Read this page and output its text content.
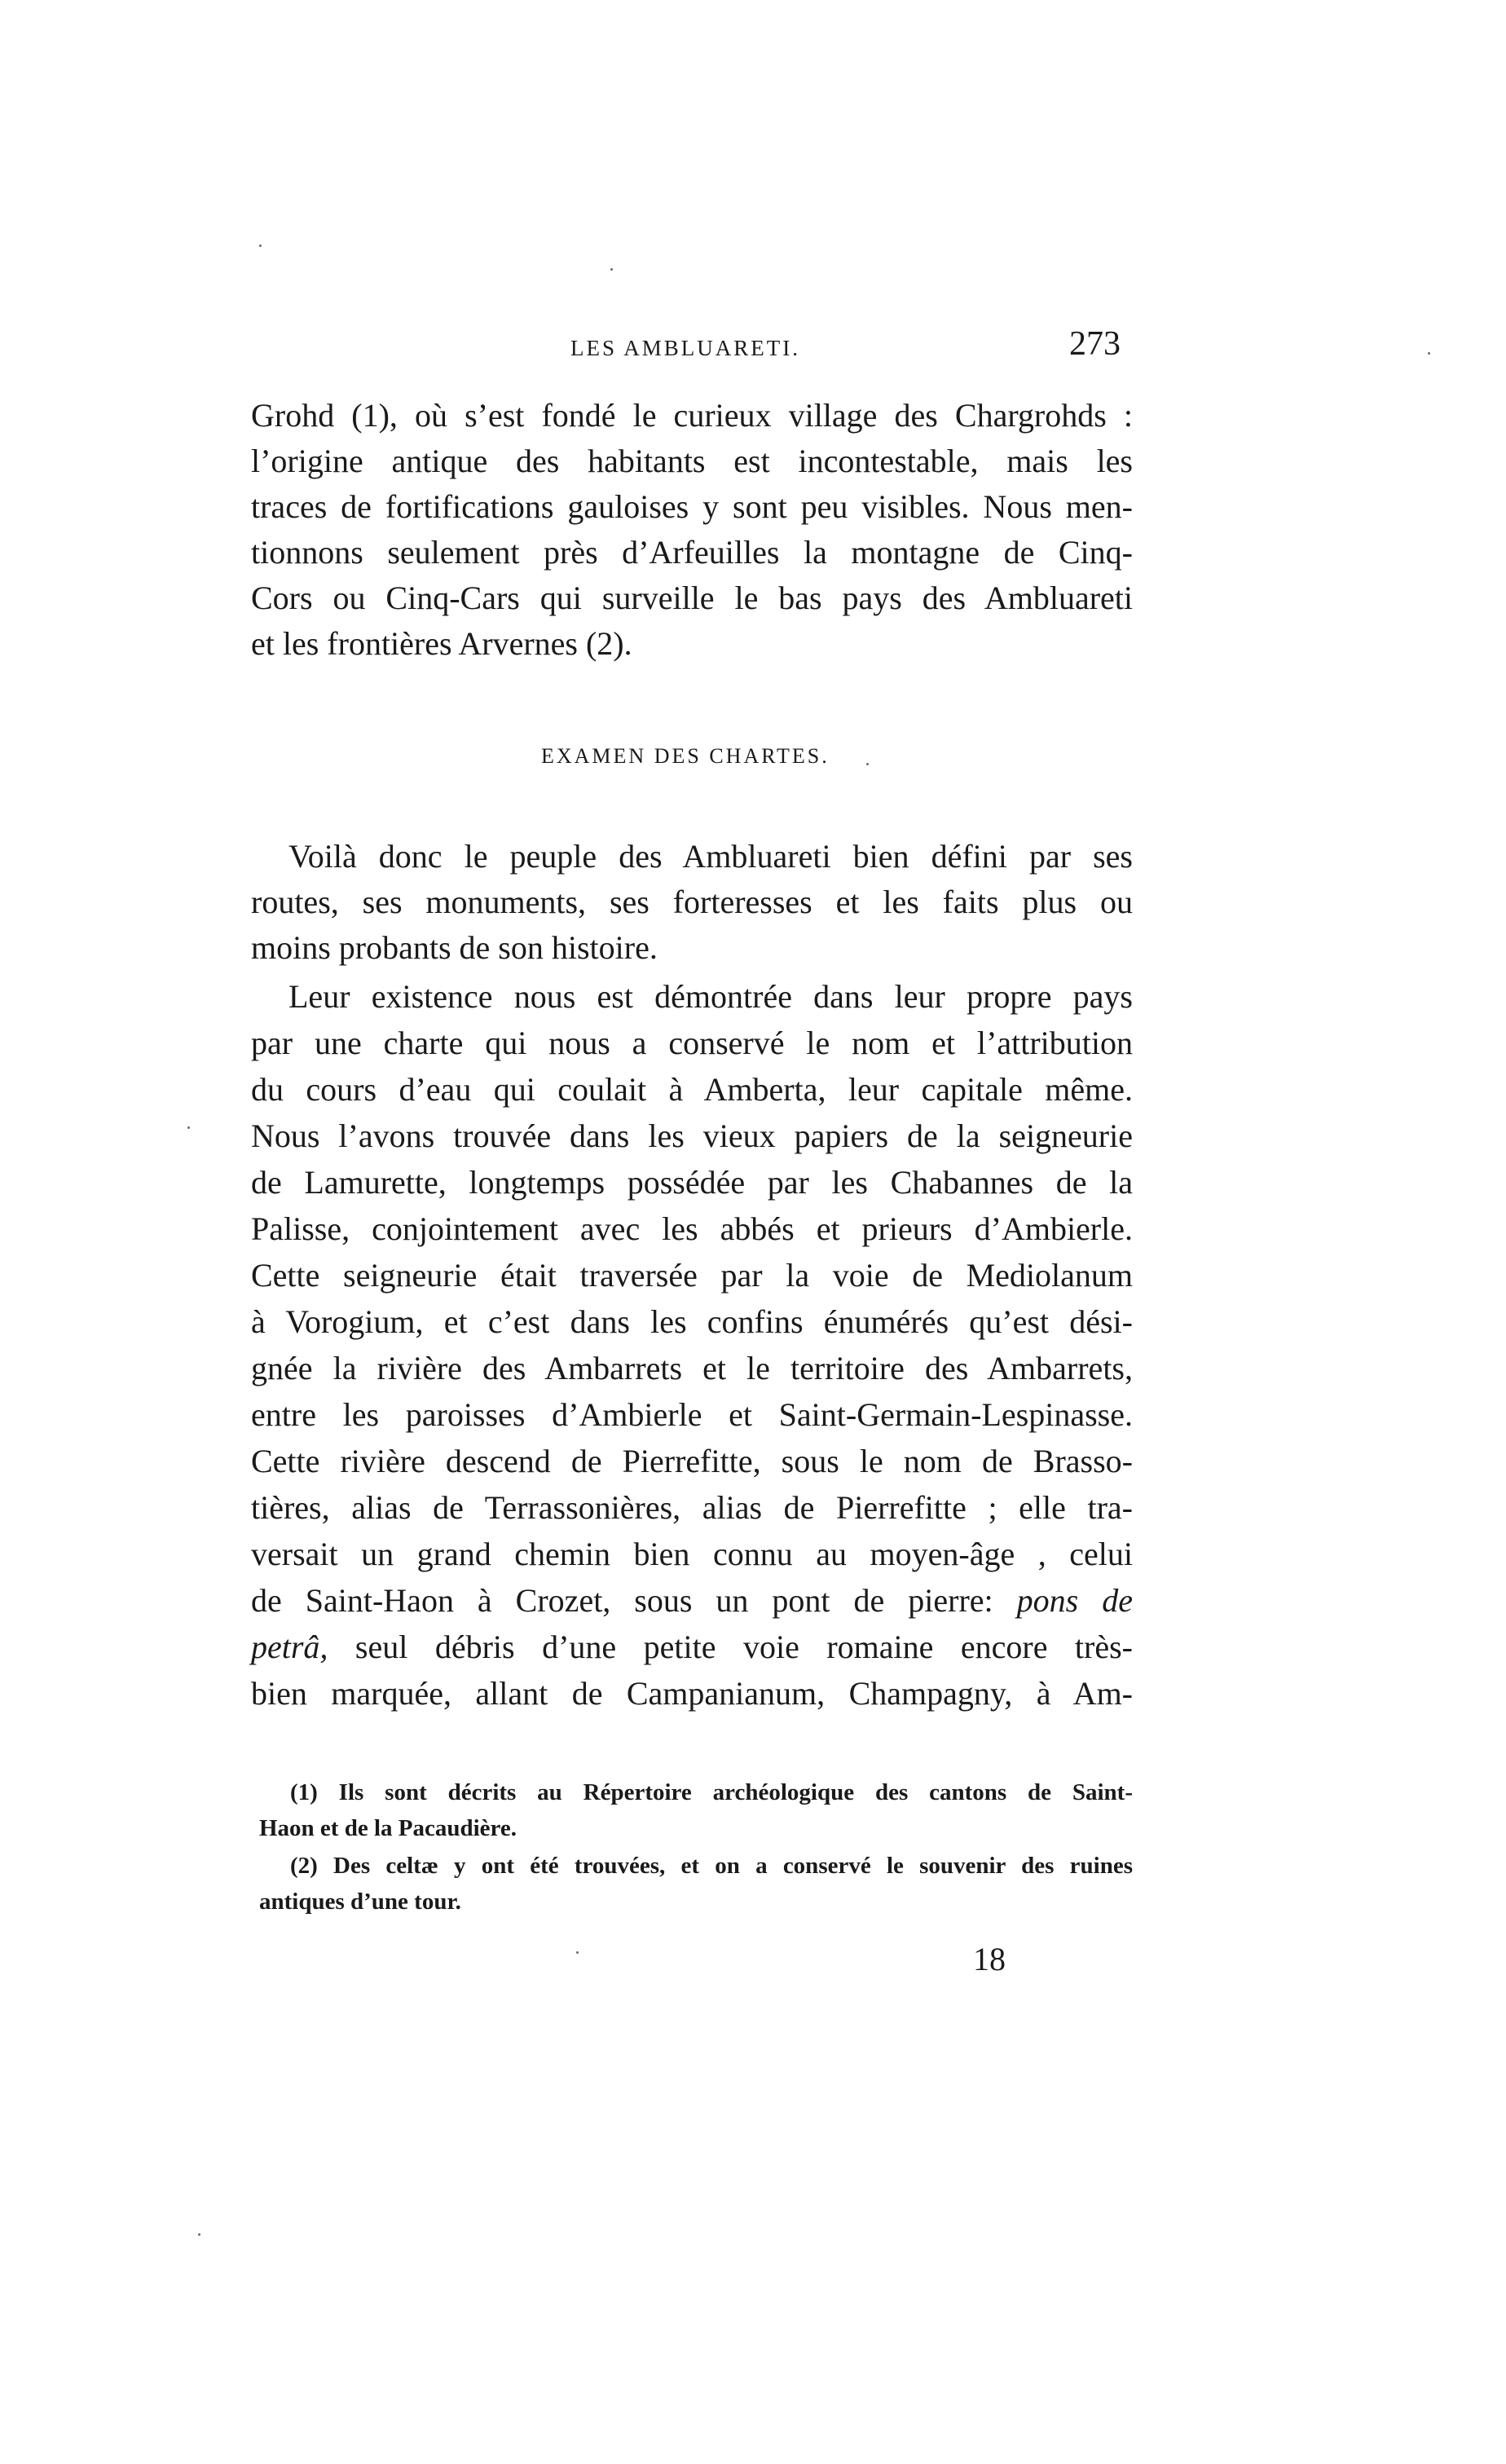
LES AMBLUARETI.	273
Grohd (1), où s’est fondé le curieux village des Chargrohds :
l’origine antique des habitants est incontestable, mais les
traces de fortifications gauloises y sont peu visibles. Nous men-
tionnons seulement près d’Arfeuilles la montagne de Cinq-
Cors ou Cinq-Cars qui surveille le bas pays des Ambluareti
et les frontières Arvernes (2).
EXAMEN DES CHARTES.
Voilà donc le peuple des Ambluareti bien défini par ses
routes, ses monuments, ses forteresses et les faits plus ou
moins probants de son histoire.
Leur existence nous est démontrée dans leur propre pays
par une charte qui nous a conservé le nom et l’attribution
du cours d’eau qui coulait à Amberta, leur capitale même.
Nous l’avons trouvée dans les vieux papiers de la seigneurie
de Lamurette, longtemps possédée par les Chabannes de la
Palisse, conjointement avec les abbés et prieurs d’Ambierle.
Cette seigneurie était traversée par la voie de Mediolanum
à Vorogium, et c’est dans les confins énumérés qu’est dési-
gnée la rivière des Ambarrets et le territoire des Ambarrets,
entre les paroisses d’Ambierle et Saint-Germain-Lespinasse.
Cette rivière descend de Pierrefitte, sous le nom de Brasso-
tières, alias de Terrassonières, alias de Pierrefitte ; elle tra-
versait un grand chemin bien connu au moyen-âge , celui
de Saint-Haon à Crozet, sous un pont de pierre: pons de
petrâ, seul débris d’une petite voie romaine encore très-
bien marquée, allant de Campanianum, Champagny, à Am-
(1) Ils sont décrits au Répertoire archéologique des cantons de Saint-
Haon et de la Pacaudière.
(2) Des celtæ y ont été trouvées, et on a conservé le souvenir des ruines
antiques d’une tour.
18
